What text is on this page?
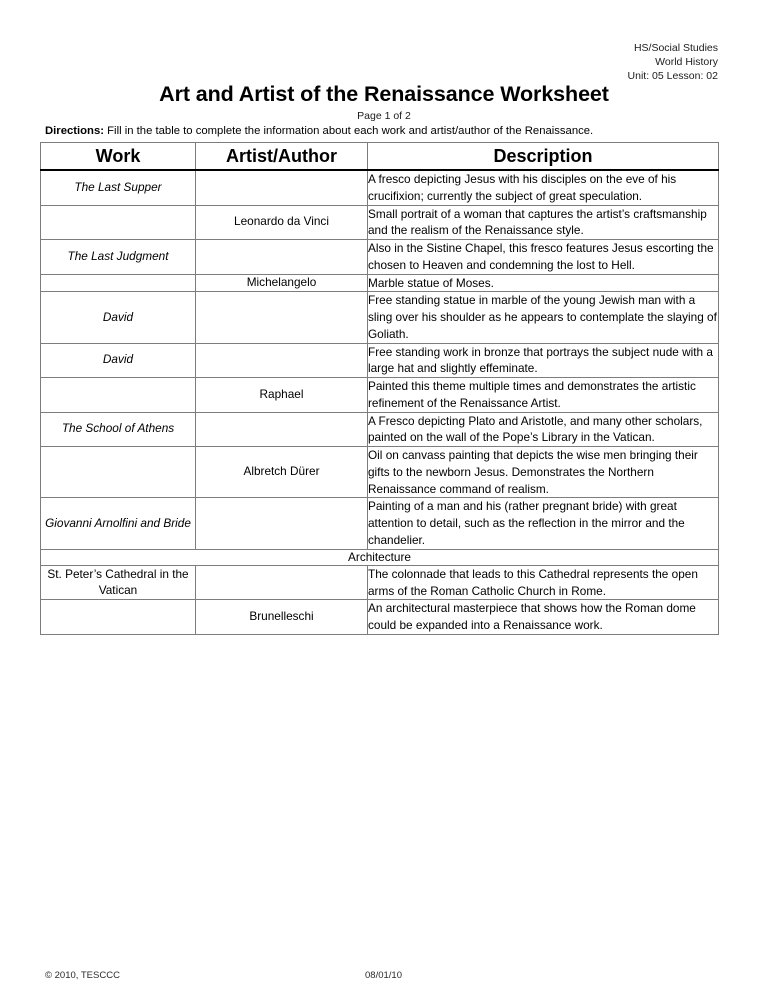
HS/Social Studies
World History
Unit: 05 Lesson: 02
Art and Artist of the Renaissance Worksheet
Page 1 of 2
Directions: Fill in the table to complete the information about each work and artist/author of the Renaissance.
Work	Artist/Author	Description
The Last Supper		A fresco depicting Jesus with his disciples on the eve of his crucifixion; currently the subject of great speculation.

	Leonardo da Vinci	Small portrait of a woman that captures the artist’s craftsmanship and the realism of the Renaissance style.
The Last Judgment		Also in the Sistine Chapel, this fresco features Jesus escorting the chosen to Heaven and condemning the lost to Hell.

	Michelangelo	Marble statue of Moses.
David		Free standing statue in marble of the young Jewish man with a sling over his shoulder as he appears to contemplate the slaying of Goliath.
David		Free standing work in bronze that portrays the subject nude with a large hat and slightly effeminate.

	Raphael	Painted this theme multiple times and demonstrates the artistic refinement of the Renaissance Artist.
The School of Athens		A Fresco depicting Plato and Aristotle, and many other scholars, painted on the wall of the Pope’s Library in the Vatican.

	Albretch Dürer	Oil on canvass painting that depicts the wise men bringing their gifts to the newborn Jesus. Demonstrates the Northern Renaissance command of realism.
Giovanni Arnolfini and Bride		Painting of a man and his (rather pregnant bride) with great attention to detail, such as the reflection in the mirror and the chandelier.
Architecture		
St. Peter’s Cathedral in the Vatican		The colonnade that leads to this Cathedral represents the open arms of the Roman Catholic Church in Rome.

	Brunelleschi	An architectural masterpiece that shows how the Roman dome could be expanded into a Renaissance work.
© 2010, TESCCC	08/01/10
